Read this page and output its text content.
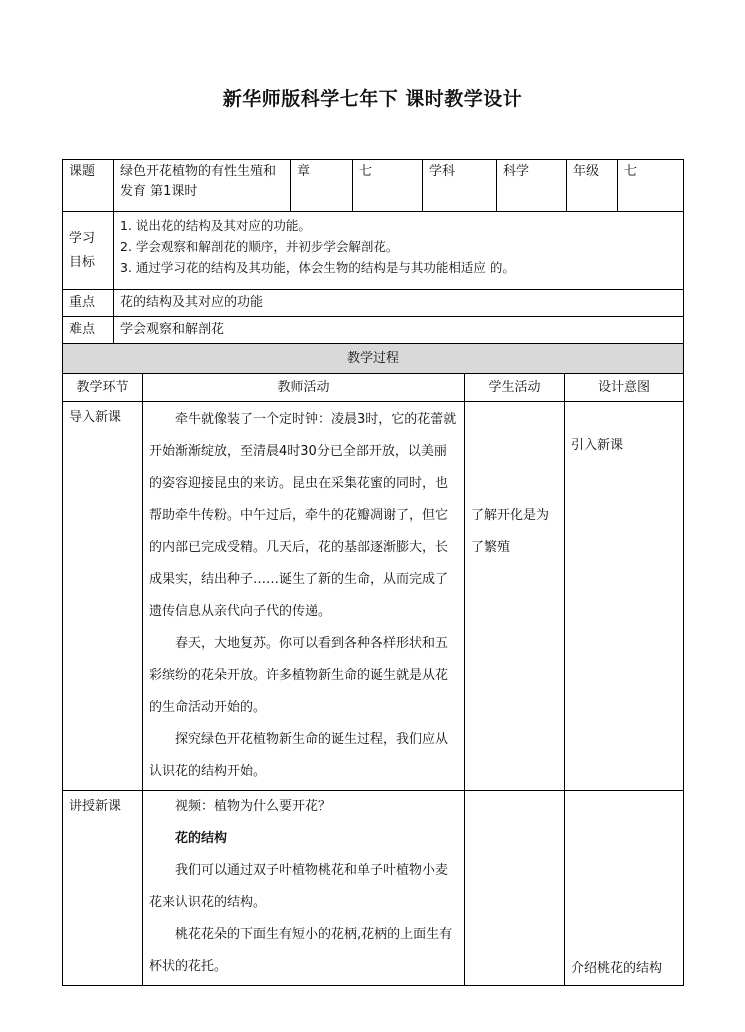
新华师版科学七年下 课时教学设计
课题	绿色开花植物的有性生殖和发育 第1课时	章	七	学科	科学	年级	七

学习目标	1. 说出花的结构及其对应的功能。

2. 学会观察和解剖花的顺序，并初步学会解剖花。

3. 通过学习花的结构及其功能，体会生物的结构是与其功能相适应 的。						

重点	花的结构及其对应的功能						
难点	学会观察和解剖花						
教学过程			
教学环节	教师活动	学生活动	设计意图
导入新课	牵牛就像装了一个定时钟：凌晨3时，它的花蕾就开始渐渐绽放，至清晨4时30分已全部开放，以美丽的姿容迎接昆虫的来访。昆虫在采集花蜜的同时，也帮助牵牛传粉。中午过后，牵牛的花瓣凋谢了，但它的内部已完成受精。几天后，花的基部逐渐膨大，长成果实，结出种子……诞生了新的生命，从而完成了遗传信息从亲代向子代的传递。

春天，大地复苏。你可以看到各种各样形状和五彩缤纷的花朵开放。许多植物新生命的诞生就是从花的生命活动开始的。

探究绿色开花植物新生命的诞生过程，我们应从认识花的结构开始。	了解开化是为了繁殖	引入新课
讲授新课	视频：植物为什么要开花？

花的结构

我们可以通过双子叶植物桃花和单子叶植物小麦花来认识花的结构。

桃花花朵的下面生有短小的花柄,花柄的上面生有杯状的花托。		介绍桃花的结构
